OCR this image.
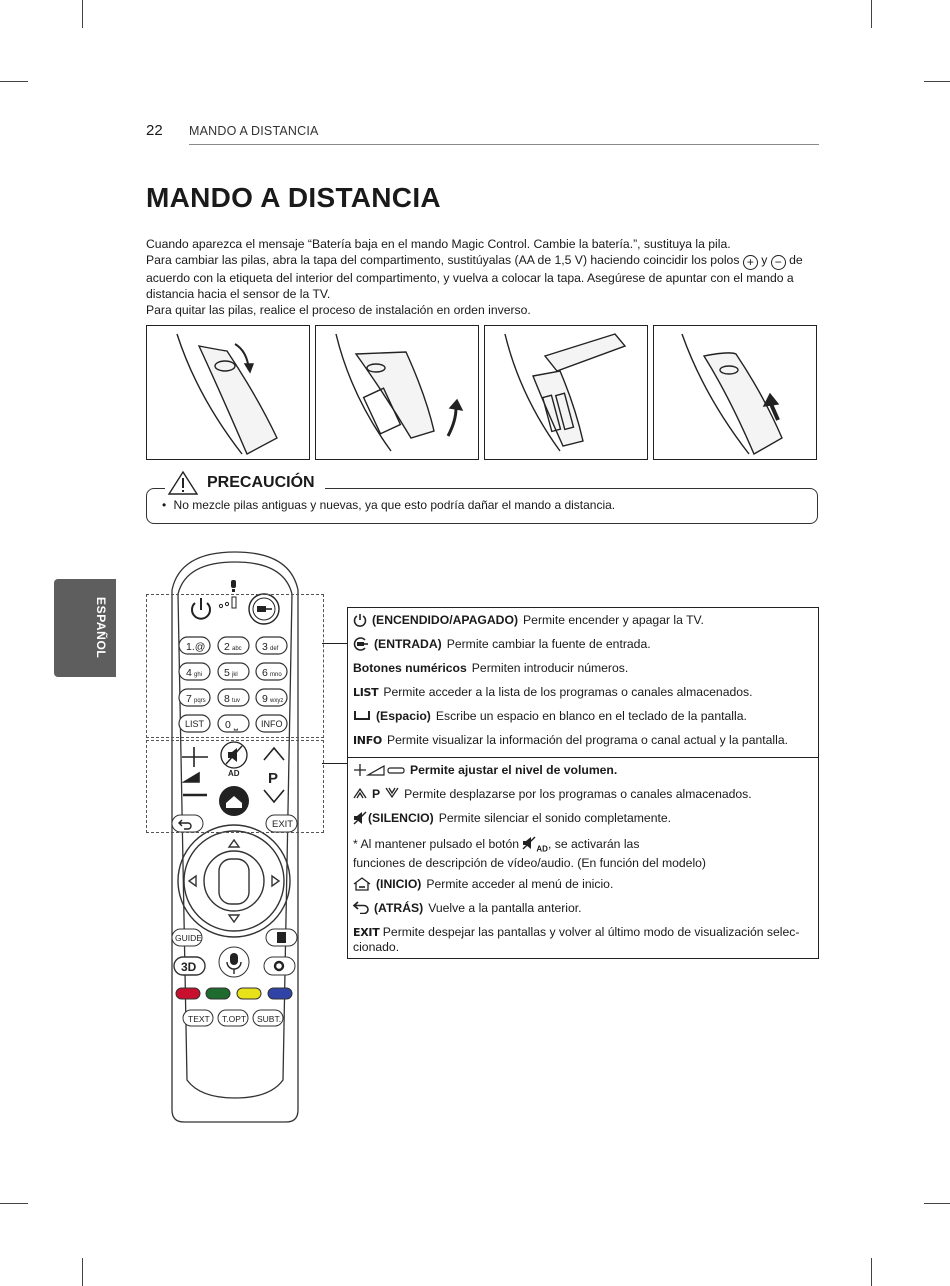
22 MANDO A DISTANCIA
MANDO A DISTANCIA

Cuando aparezca el mensaje “Batería baja en el mando Magic Control. Cambie la batería.”, sustituya la pila.

Para cambiar las pilas, abra la tapa del compartimento, sustitúyalas (AA de 1,5 V) haciendo coincidir los polos + y − de acuerdo con la etiqueta del interior del compartimento, y vuelva a colocar la tapa. Asegúrese de apuntar con el mando a distancia hacia el sensor de la TV.

Para quitar las pilas, realice el proceso de instalación en orden inverso.

PRECAUCIÓN
• No mezcle pilas antiguas y nuevas, ya que esto podría dañar el mando a distancia.
ESPAÑOL	1.@ 2 abc 3 def
4 ghi 5 jkl 6 mno
7 pqrs 8 tuv 9 wxyz
LIST 0 ⎵	INFO
AD P
EXIT
GUIDE
3D
TEXT T.OPT SUBT.
(ENCENDIDO/APAGADO) Permite encender y apagar la TV.
(ENTRADA) Permite cambiar la fuente de entrada.
Botones numéricos Permiten introducir números.
LIST Permite acceder a la lista de los programas o canales almacenados.
(Espacio) Escribe un espacio en blanco en el teclado de la pantalla.
INFO Permite visualizar la información del programa o canal actual y la pantalla.
Permite ajustar el nivel de volumen.
P Permite desplazarse por los programas o canales almacenados.
(SILENCIO) Permite silenciar el sonido completamente.
* Al mantener pulsado el botón $_{AD}$, se activarán las
funciones de descripción de vídeo/audio. (En función del modelo)
(INICIO) Permite acceder al menú de inicio.
(ATRÁS) Vuelve a la pantalla anterior.
EXIT Permite despejar las pantallas y volver al último modo de visualización selec-
cionado.
